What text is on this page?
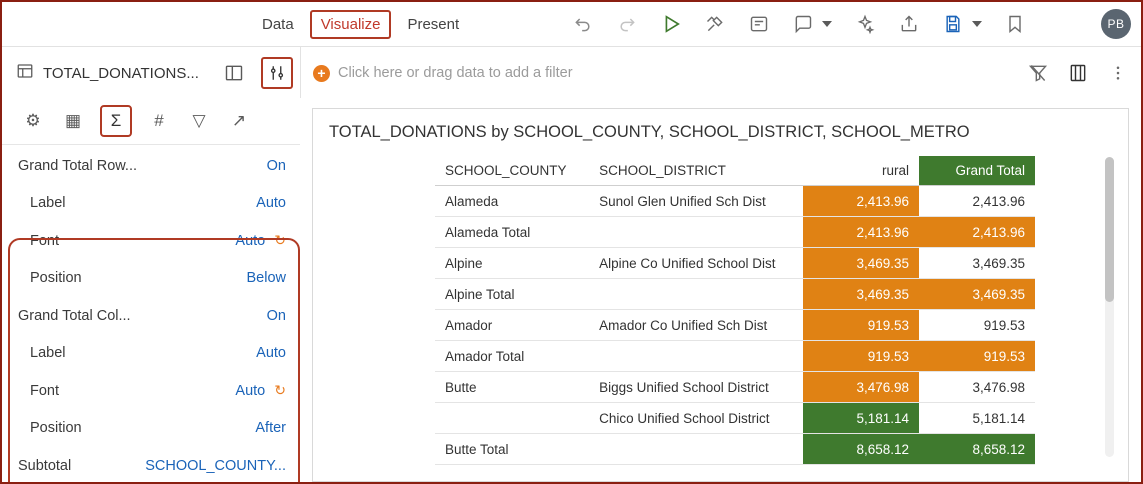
Data	Visualize	Present	PB
TOTAL_DONATIONS...	+ Click here or drag data to add a filter
⚙	▦	Σ	#	▽	↗
Grand Total Row...	On
Label	Auto
Font	Auto ↻
Position	Below
Grand Total Col...	On
Label	Auto
Font	Auto ↻
Position	After
Subtotal	SCHOOL_COUNTY...
TOTAL_DONATIONS by SCHOOL_COUNTY, SCHOOL_DISTRICT, SCHOOL_METRO
SCHOOL_COUNTY	SCHOOL_DISTRICT	rural	Grand Total
Alameda	Sunol Glen Unified Sch Dist	2,413.96	2,413.96
Alameda Total		2,413.96	2,413.96
Alpine	Alpine Co Unified School Dist	3,469.35	3,469.35
Alpine Total		3,469.35	3,469.35
Amador	Amador Co Unified Sch Dist	919.53	919.53
Amador Total		919.53	919.53
Butte	Biggs Unified School District	3,476.98	3,476.98
	Chico Unified School District	5,181.14	5,181.14
Butte Total		8,658.12	8,658.12
